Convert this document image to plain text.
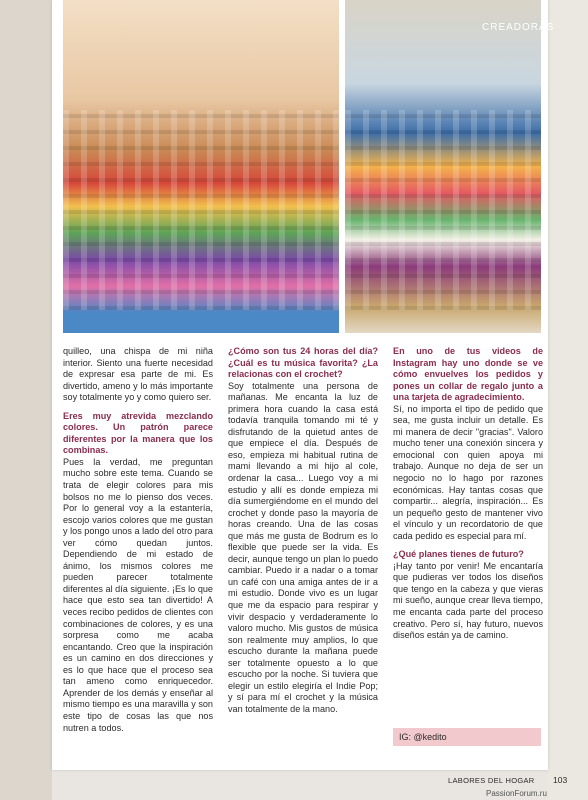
CREADORAS

quilleo, una chispa de mi niña interior. Siento una fuerte necesidad de expresar esa parte de mi. Es divertido, ameno y lo más importante soy totalmente yo y como quiero ser.

Eres muy atrevida mezclando colores. Un patrón parece diferentes por la manera que los combinas.

Pues la verdad, me preguntan mucho sobre este tema. Cuando se trata de elegir colores para mis bolsos no me lo pienso dos veces. Por lo general voy a la estantería, escojo varios colores que me gustan y los pongo unos a lado del otro para ver cómo quedan juntos. Dependiendo de mi estado de ánimo, los mismos colores me pueden parecer totalmente diferentes al día siguiente. ¡Es lo que hace que esto sea tan divertido! A veces recibo pedidos de clientes con combinaciones de colores, y es una sorpresa como me acaba encantando. Creo que la inspiración es un camino en dos direcciones y es lo que hace que el proceso sea tan ameno como enriquecedor. Aprender de los demás y enseñar al mismo tiempo es una maravilla y son este tipo de cosas las que nos nutren a todos.

¿Cómo son tus 24 horas del día? ¿Cuál es tu música favorita? ¿La relacionas con el crochet?

Soy totalmente una persona de mañanas. Me encanta la luz de primera hora cuando la casa está todavía tranquila tomando mi té y disfrutando de la quietud antes de que empiece el día. Después de eso, empieza mi habitual rutina de mami llevando a mi hijo al cole, ordenar la casa... Luego voy a mi estudio y allí es donde empieza mi día sumergiéndome en el mundo del crochet y donde paso la mayoría de horas creando. Una de las cosas que más me gusta de Bodrum es lo flexible que puede ser la vida. Es decir, aunque tengo un plan lo puedo cambiar. Puedo ir a nadar o a tomar un café con una amiga antes de ir a mi estudio. Donde vivo es un lugar que me da espacio para respirar y vivir despacio y verdaderamente lo valoro mucho. Mis gustos de música son realmente muy amplios, lo que escucho durante la mañana puede ser totalmente opuesto a lo que escucho por la noche. Si tuviera que elegir un estilo elegiría el Indie Pop; y sí para mí el crochet y la música van totalmente de la mano.

En uno de tus videos de Instagram hay uno donde se ve cómo envuelves los pedidos y pones un collar de regalo junto a una tarjeta de agradecimiento.

Sí, no importa el tipo de pedido que sea, me gusta incluir un detalle. Es mi manera de decir "gracias". Valoro mucho tener una conexión sincera y emocional con quien apoya mi trabajo. Aunque no deja de ser un negocio no lo hago por razones económicas. Hay tantas cosas que compartir... alegría, inspiración... Es un pequeño gesto de mantener vivo el vínculo y un recordatorio de que cada pedido es especial para mí.

¿Qué planes tienes de futuro?

¡Hay tanto por venir! Me encantaría que pudieras ver todos los diseños que tengo en la cabeza y que vieras mi sueño, aunque crear lleva tiempo, me encanta cada parte del proceso creativo. Pero sí, hay futuro, nuevos diseños están ya de camino.

IG: @kedito
LABORES DEL HOGAR 103
PassionForum.ru
